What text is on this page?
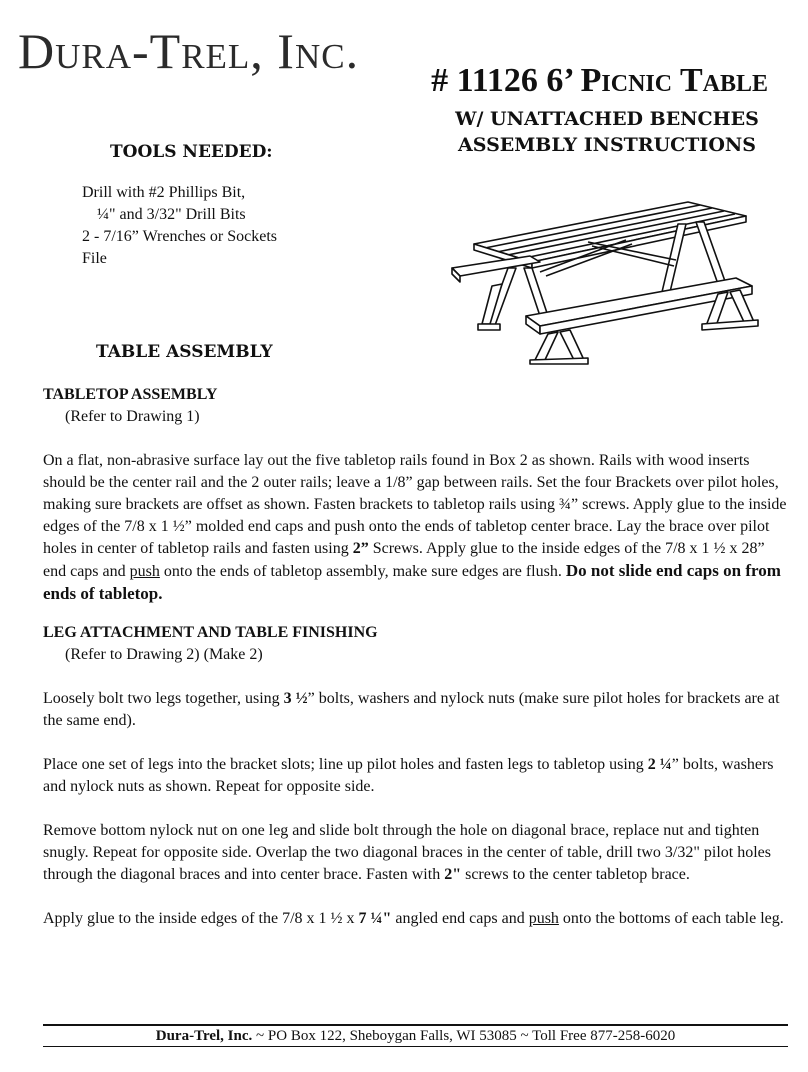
Dura-Trel, Inc.
# 11126 6’ Picnic Table
W/ UNATTACHED BENCHES
ASSEMBLY INSTRUCTIONS
TOOLS NEEDED:
Drill with #2 Phillips Bit,
¼" and 3/32" Drill Bits
2 - 7/16” Wrenches or Sockets
File
TABLE ASSEMBLY
TABLETOP ASSEMBLY
(Refer to Drawing 1)

On a flat, non-abrasive surface lay out the five tabletop rails found in Box 2 as shown. Rails with wood inserts should be the center rail and the 2 outer rails; leave a 1/8” gap between rails. Set the four Brackets over pilot holes, making sure brackets are offset as shown. Fasten brackets to tabletop rails using ¾” screws. Apply glue to the inside edges of the 7/8 x 1 ½” molded end caps and push onto the ends of tabletop center brace. Lay the brace over pilot holes in center of tabletop rails and fasten using 2” Screws. Apply glue to the inside edges of the 7/8 x 1 ½ x 28” end caps and push onto the ends of tabletop assembly, make sure edges are flush. Do not slide end caps on from ends of tabletop.

LEG ATTACHMENT AND TABLE FINISHING
(Refer to Drawing 2) (Make 2)

Loosely bolt two legs together, using 3 ½” bolts, washers and nylock nuts (make sure pilot holes for brackets are at the same end).

Place one set of legs into the bracket slots; line up pilot holes and fasten legs to tabletop using 2 ¼” bolts, washers and nylock nuts as shown. Repeat for opposite side.

Remove bottom nylock nut on one leg and slide bolt through the hole on diagonal brace, replace nut and tighten snugly. Repeat for opposite side. Overlap the two diagonal braces in the center of table, drill two 3/32" pilot holes through the diagonal braces and into center brace. Fasten with 2" screws to the center tabletop brace.

Apply glue to the inside edges of the 7/8 x 1 ½ x 7 ¼" angled end caps and push onto the bottoms of each table leg.

Dura-Trel, Inc. ~ PO Box 122, Sheboygan Falls, WI 53085 ~ Toll Free 877-258-6020
